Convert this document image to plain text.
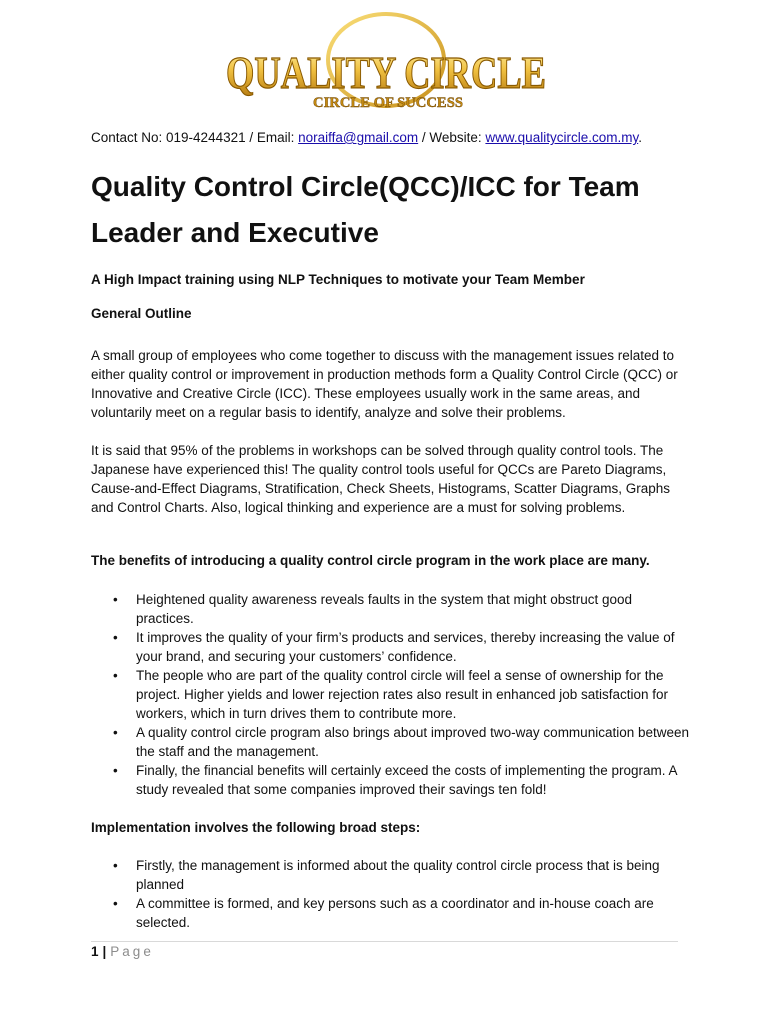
QUALITY CIRCLE
CIRCLE OF SUCCESS
Contact No: 019-4244321 / Email: noraiffa@gmail.com / Website: www.qualitycircle.com.my.
Quality Control Circle(QCC)/ICC for Team Leader and Executive
A High Impact training using NLP Techniques to motivate your Team Member
General Outline

A small group of employees who come together to discuss with the management issues related to either quality control or improvement in production methods form a Quality Control Circle (QCC) or Innovative and Creative Circle (ICC). These employees usually work in the same areas, and voluntarily meet on a regular basis to identify, analyze and solve their problems.

It is said that 95% of the problems in workshops can be solved through quality control tools. The Japanese have experienced this! The quality control tools useful for QCCs are Pareto Diagrams, Cause-and-Effect Diagrams, Stratification, Check Sheets, Histograms, Scatter Diagrams, Graphs and Control Charts. Also, logical thinking and experience are a must for solving problems.

The benefits of introducing a quality control circle program in the work place are many.
• Heightened quality awareness reveals faults in the system that might obstruct good practices.
• It improves the quality of your firm’s products and services, thereby increasing the value of your brand, and securing your customers’ confidence.
• The people who are part of the quality control circle will feel a sense of ownership for the project. Higher yields and lower rejection rates also result in enhanced job satisfaction for workers, which in turn drives them to contribute more.
• A quality control circle program also brings about improved two-way communication between the staff and the management.
• Finally, the financial benefits will certainly exceed the costs of implementing the program. A study revealed that some companies improved their savings ten fold!
Implementation involves the following broad steps:
• Firstly, the management is informed about the quality control circle process that is being planned
• A committee is formed, and key persons such as a coordinator and in-house coach are selected.
1 | Page
